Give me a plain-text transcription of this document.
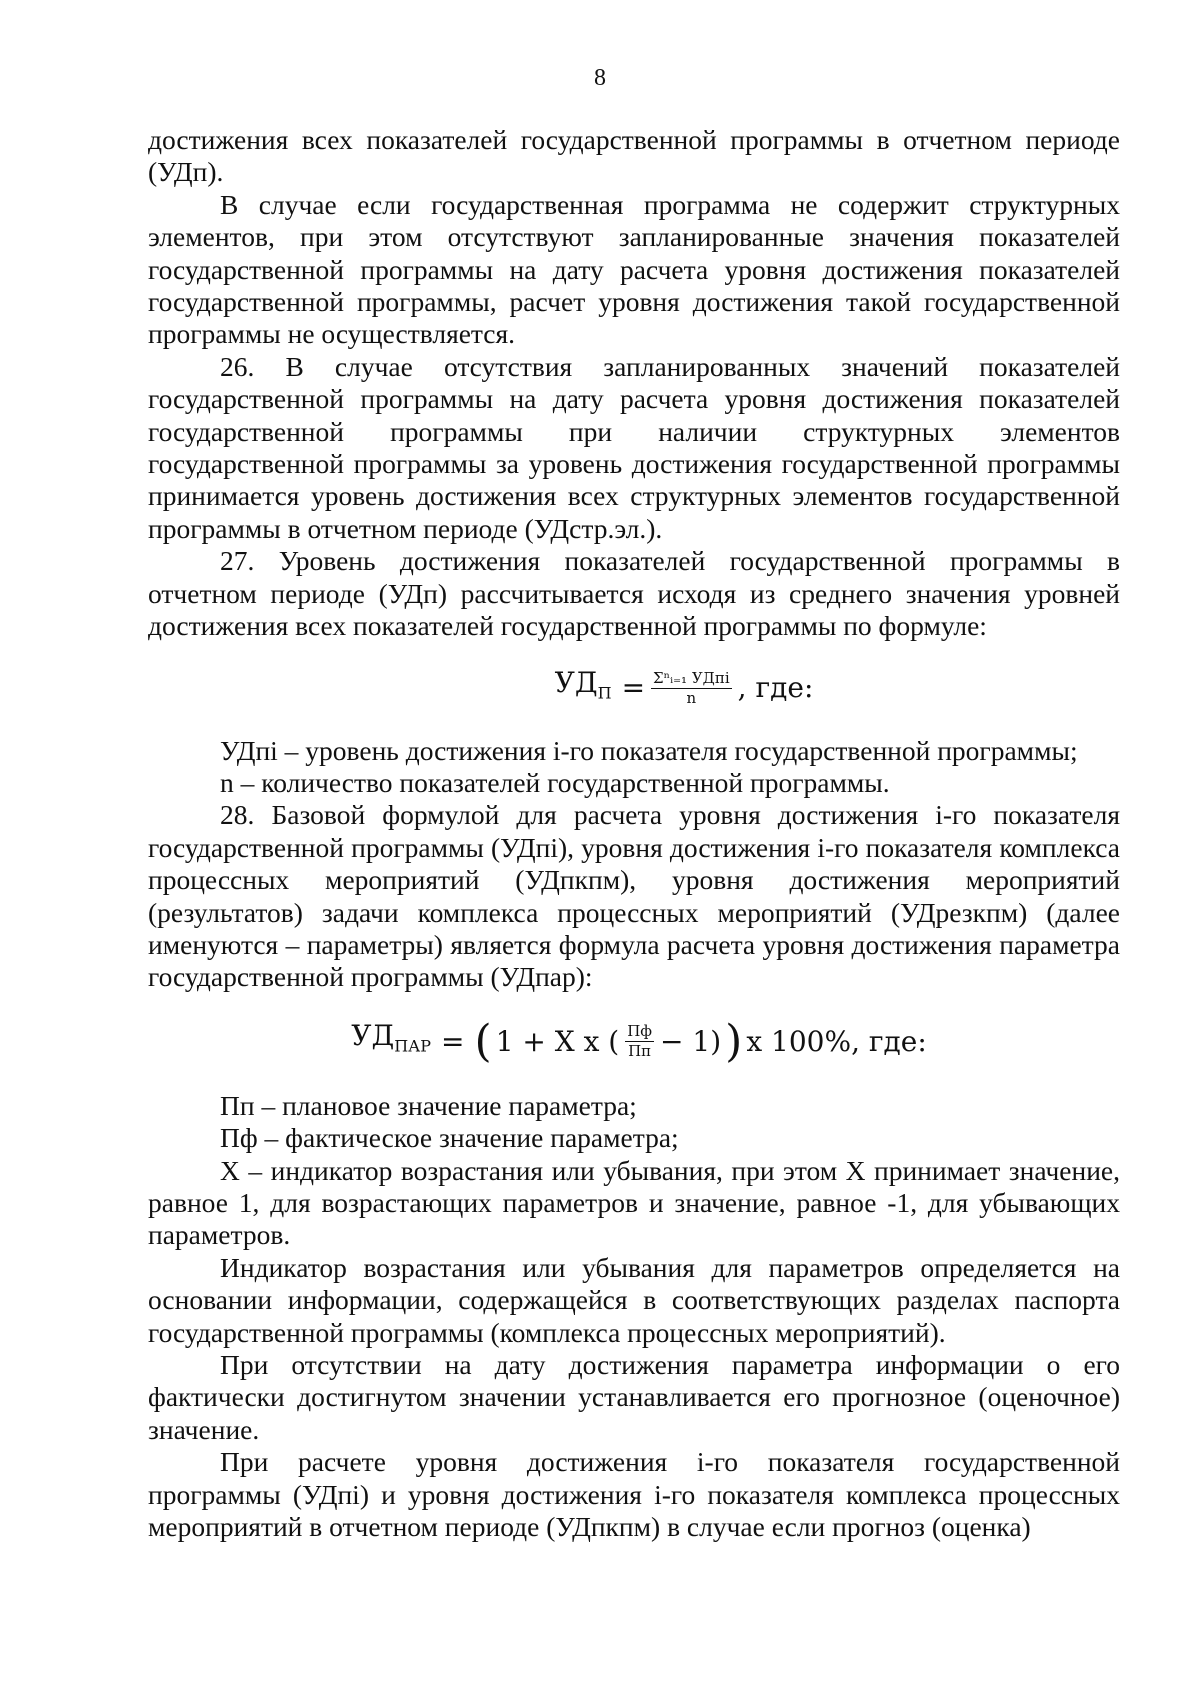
8

достижения всех показателей государственной программы в отчетном периоде (УДп).

В случае если государственная программа не содержит структурных элементов, при этом отсутствуют запланированные значения показателей государственной программы на дату расчета уровня достижения показателей государственной программы, расчет уровня достижения такой государственной программы не осуществляется.

26. В случае отсутствия запланированных значений показателей государственной программы на дату расчета уровня достижения показателей государственной программы при наличии структурных элементов государственной программы за уровень достижения государственной программы принимается уровень достижения всех структурных элементов государственной программы в отчетном периоде (УДстр.эл.).

27. Уровень достижения показателей государственной программы в отчетном периоде (УДп) рассчитывается исходя из среднего значения уровней достижения всех показателей государственной программы по формуле:

$УД_П = \frac{\text{Σⁿᵢ₌₁ УДпi}}{n}$ , где:

УДпi – уровень достижения i-го показателя государственной программы;

n – количество показателей государственной программы.

28. Базовой формулой для расчета уровня достижения i-го показателя государственной программы (УДпi), уровня достижения i-го показателя комплекса процессных мероприятий (УДпкпм), уровня достижения мероприятий (результатов) задачи комплекса процессных мероприятий (УДрезкпм) (далее именуются – параметры) является формула расчета уровня достижения параметра государственной программы (УДпар):

$УД_{ПАР}$ = ( 1 + X x ( $\frac{Пф}{Пп} - 1$) ) x 100%, где:

Пп – плановое значение параметра;

Пф – фактическое значение параметра;

X – индикатор возрастания или убывания, при этом X принимает значение, равное 1, для возрастающих параметров и значение, равное -1, для убывающих параметров.

Индикатор возрастания или убывания для параметров определяется на основании информации, содержащейся в соответствующих разделах паспорта государственной программы (комплекса процессных мероприятий).

При отсутствии на дату достижения параметра информации о его фактически достигнутом значении устанавливается его прогнозное (оценочное) значение.

При расчете уровня достижения i-го показателя государственной программы (УДпi) и уровня достижения i-го показателя комплекса процессных мероприятий в отчетном периоде (УДпкпм) в случае если прогноз (оценка)
